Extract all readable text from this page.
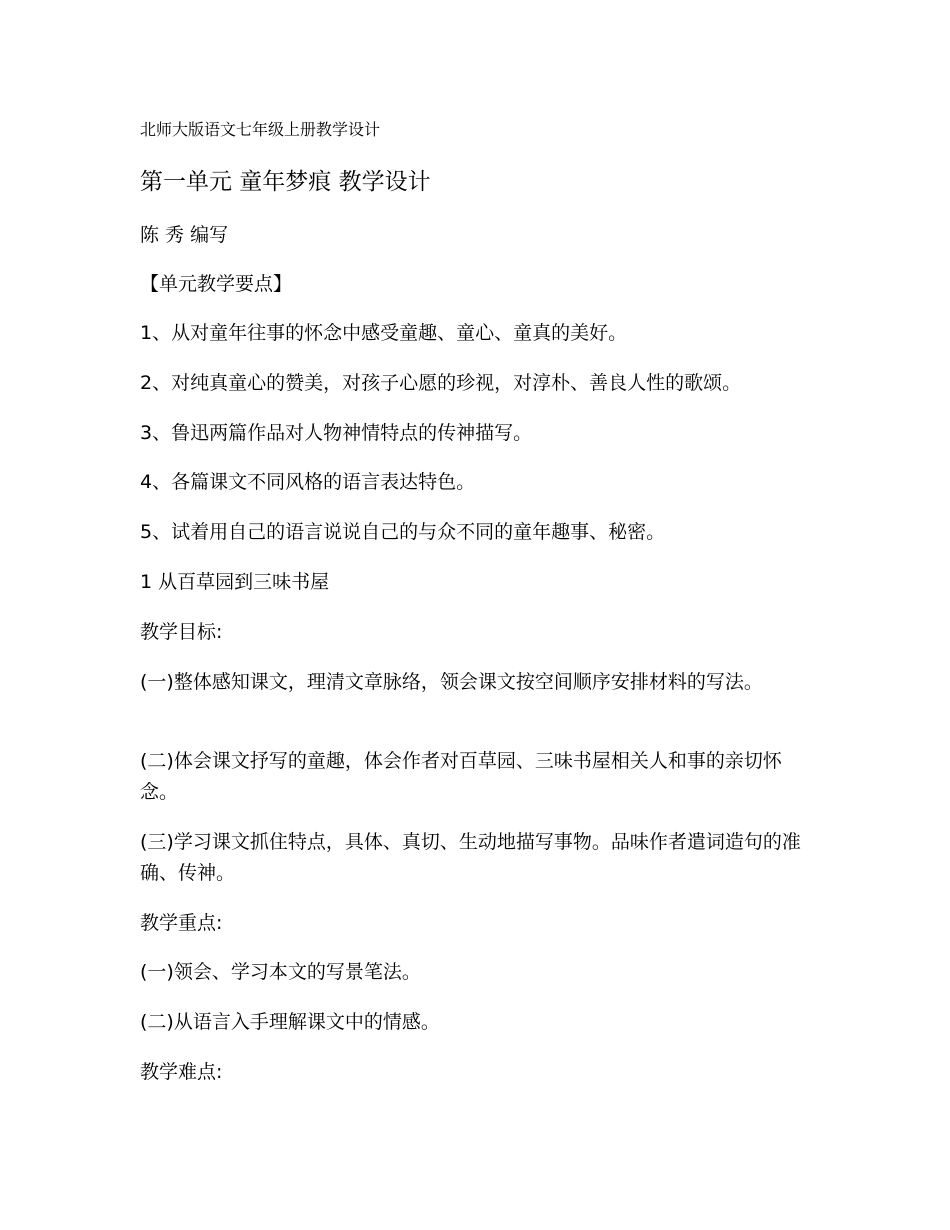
北师大版语文七年级上册教学设计
第一单元 童年梦痕 教学设计
陈 秀 编写
【单元教学要点】
1、从对童年往事的怀念中感受童趣、童心、童真的美好。
2、对纯真童心的赞美，对孩子心愿的珍视，对淳朴、善良人性的歌颂。
3、鲁迅两篇作品对人物神情特点的传神描写。
4、各篇课文不同风格的语言表达特色。
5、试着用自己的语言说说自己的与众不同的童年趣事、秘密。
1 从百草园到三味书屋
教学目标:
(一)整体感知课文，理清文章脉络，领会课文按空间顺序安排材料的写法。
(二)体会课文抒写的童趣，体会作者对百草园、三味书屋相关人和事的亲切怀念。
(三)学习课文抓住特点，具体、真切、生动地描写事物。品味作者遣词造句的准确、传神。
教学重点:
(一)领会、学习本文的写景笔法。
(二)从语言入手理解课文中的情感。
教学难点:
